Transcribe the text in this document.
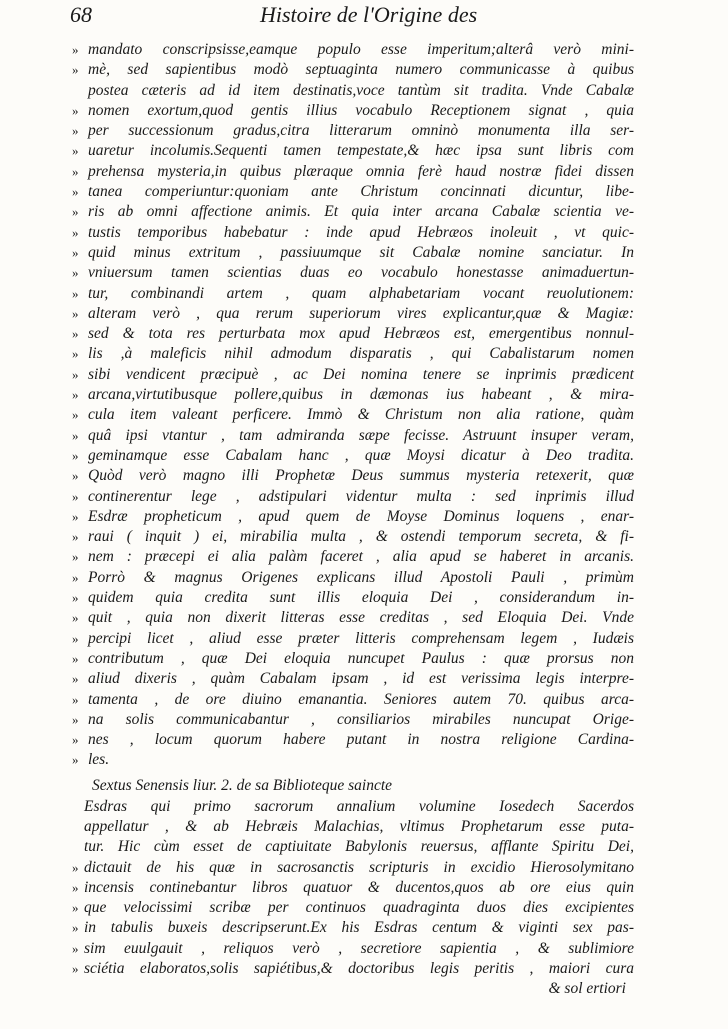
68	Histoire de l'Origine des
» mandato conscripsisse,eamque populo esse imperitum;alterâ verò mini-
» mè, sed sapientibus modò septuaginta numero communicasse à quibus
postea cæteris ad id item destinatis,voce tantùm sit tradita. Vnde Cabalæ
» nomen exortum,quod gentis illius vocabulo Receptionem signat , quia
» per successionum gradus,citra litterarum omninò monumenta illa ser-
» uaretur incolumis.Sequenti tamen tempestate,& hæc ipsa sunt libris com
» prehensa mysteria,in quibus plæraque omnia ferè haud nostræ fidei dissen
» tanea comperiuntur:quoniam ante Christum concinnati dicuntur, libe-
» ris ab omni affectione animis. Et quia inter arcana Cabalæ scientia ve-
» tustis temporibus habebatur : inde apud Hebræos inoleuit , vt quic-
» quid minus extritum , passiuumque sit Cabalæ nomine sanciatur. In
» vniuersum tamen scientias duas eo vocabulo honestasse animaduertun-
» tur, combinandi artem , quam alphabetariam vocant reuolutionem:
» alteram verò , qua rerum superiorum vires explicantur,quæ & Magiæ:
» sed & tota res perturbata mox apud Hebræos est, emergentibus nonnul-
» lis ,à maleficis nihil admodum disparatis , qui Cabalistarum nomen
» sibi vendicent præcipuè , ac Dei nomina tenere se inprimis prædicent
» arcana,virtutibusque pollere,quibus in dæmonas ius habeant , & mira-
» cula item valeant perficere. Immò & Christum non alia ratione, quàm
» quâ ipsi vtantur , tam admiranda sæpe fecisse. Astruunt insuper veram,
» geminamque esse Cabalam hanc , quæ Moysi dicatur à Deo tradita.
» Quòd verò magno illi Prophetæ Deus summus mysteria retexerit, quæ
» continerentur lege , adstipulari videntur multa : sed inprimis illud
» Esdræ propheticum , apud quem de Moyse Dominus loquens , enar-
» raui ( inquit ) ei, mirabilia multa , & ostendi temporum secreta, & fi-
» nem : præcepi ei alia palàm faceret , alia apud se haberet in arcanis.
» Porrò & magnus Origenes explicans illud Apostoli Pauli , primùm
» quidem quia credita sunt illis eloquia Dei , considerandum in-
» quit , quia non dixerit litteras esse creditas , sed Eloquia Dei. Vnde
» percipi licet , aliud esse præter litteris comprehensam legem , Iudæis
» contributum , quæ Dei eloquia nuncupet Paulus : quæ prorsus non
» aliud dixeris , quàm Cabalam ipsam , id est verissima legis interpre-
» tamenta , de ore diuino emanantia. Seniores autem 70. quibus arca-
» na solis communicabantur , consiliarios mirabiles nuncupat Orige-
» nes , locum quorum habere putant in nostra religione Cardina-
» les.
Sextus Senensis liur. 2. de sa Biblioteque saincte
Esdras qui primo sacrorum annalium volumine Iosedech Sacerdos
appellatur , & ab Hebræis Malachias, vltimus Prophetarum esse puta-
tur. Hic cùm esset de captiuitate Babylonis reuersus, afflante Spiritu Dei,
» dictauit de his quæ in sacrosanctis scripturis in excidio Hierosolymitano
» incensis continebantur libros quatuor & ducentos,quos ab ore eius quin
» que velocissimi scribæ per continuos quadraginta duos dies excipientes
» in tabulis buxeis descripserunt.Ex his Esdras centum & viginti sex pas-
» sim euulgauit , reliquos verò , secretiore sapientia , & sublimiore
» sciétia elaboratos,solis sapiétibus,& doctoribus legis peritis , maiori cura
& sol ertiori
